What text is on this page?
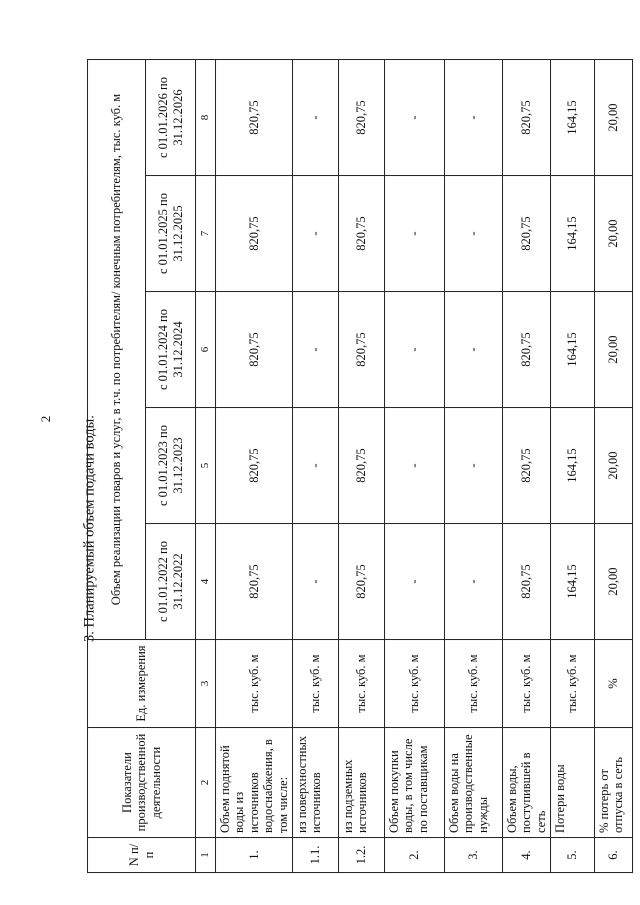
2 3. Планируемый объем подачи воды.
N п/п	Показатели производственной деятельности	Ед. измерения	Объем реализации товаров и услуг, в т.ч. по потребителям/ конечным потребителям, тыс. куб. м				
			с 01.01.2022 по 31.12.2022	с 01.01.2023 по 31.12.2023	с 01.01.2024 по 31.12.2024	с 01.01.2025 по 31.12.2025	с 01.01.2026 по 31.12.2026
1	2	3	4	5	6	7	8
1.	Объем поднятой воды из источников водоснабжения, в том числе:	тыс. куб. м	820,75	820,75	820,75	820,75	820,75
1.1.	из поверхностных источников	тыс. куб. м	-	-	-	-	-
1.2.	из подземных источников	тыс. куб. м	820,75	820,75	820,75	820,75	820,75
2.	Объем покупки воды, в том числе по поставщикам	тыс. куб. м	-	-	-	-	-
3.	Объем воды на производственные нужды	тыс. куб. м	-	-	-	-	-
4.	Объем воды, поступившей в сеть	тыс. куб. м	820,75	820,75	820,75	820,75	820,75
5.	Потери воды	тыс. куб. м	164,15	164,15	164,15	164,15	164,15
6.	% потерь от отпуска в сеть	%	20,00	20,00	20,00	20,00	20,00
